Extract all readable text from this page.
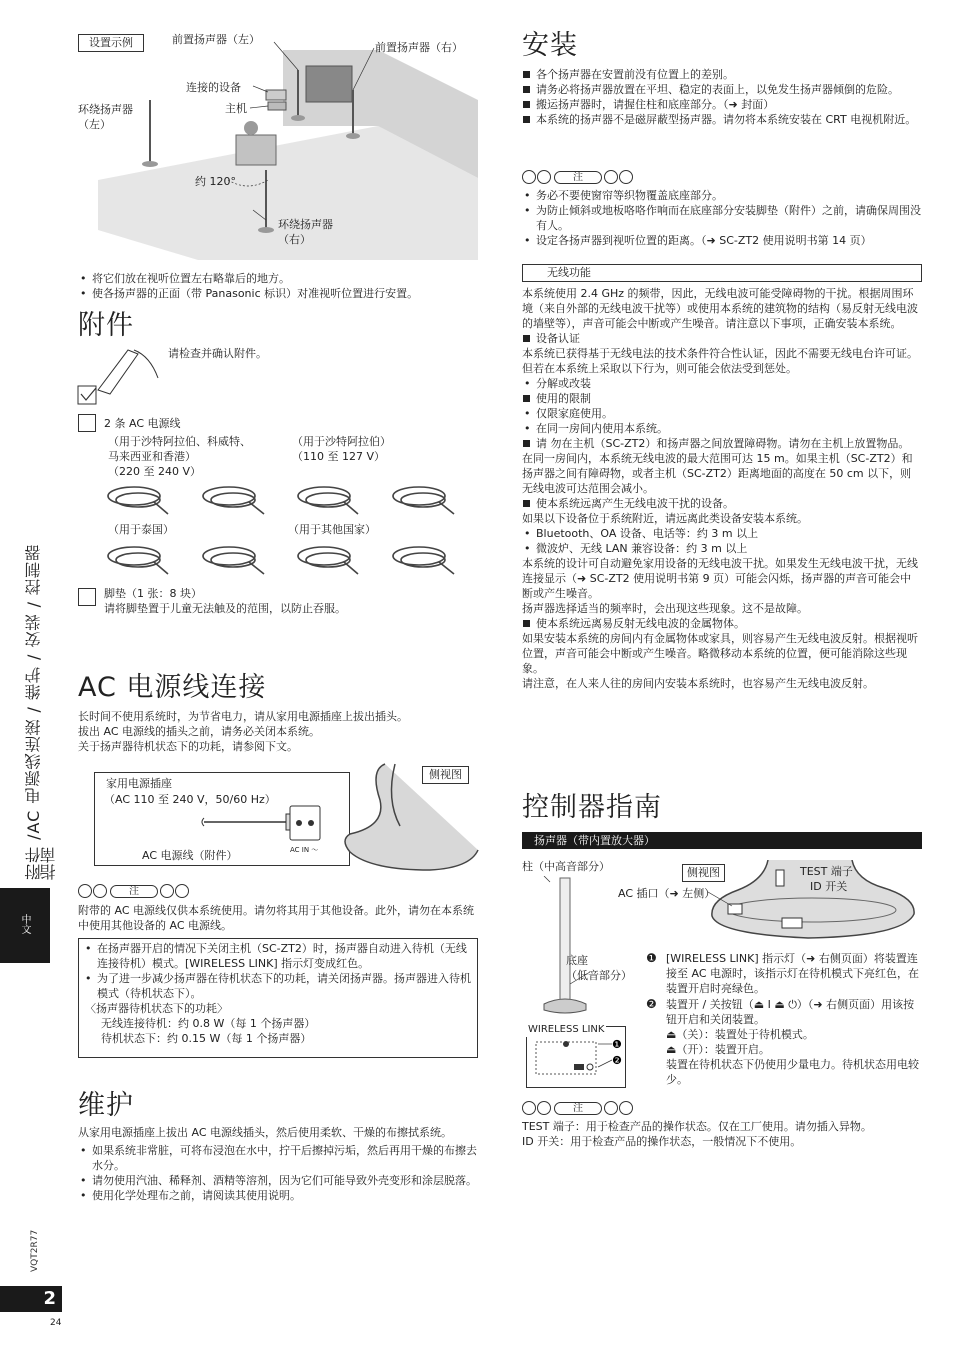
附件 /AC 电源线连接 / 维护 / 安装 / 控制器指南
中文
VQT2R77
2
24
设置示例	前置扬声器（左）
前置扬声器（右）
连接的设备
主机
环绕扬声器
（左）
约 120°
环绕扬声器
（右）
• 将它们放在视听位置左右略靠后的地方。
• 使各扬声器的正面（带 Panasonic 标识）对准视听位置进行安置。
附件
请检查并确认附件。
2 条 AC 电源线
（用于沙特阿拉伯、科威特、
马来西亚和香港）
（220 至 240 V）
（用于沙特阿拉伯）
（110 至 127 V）
（用于泰国）	（用于其他国家）
脚垫（1 张：8 块）
请将脚垫置于儿童无法触及的范围，以防止吞服。
AC 电源线连接

长时间不使用系统时，为节省电力，请从家用电源插座上拔出插头。

拔出 AC 电源线的插头之前，请务必关闭本系统。

关于扬声器待机状态下的功耗，请参阅下文。

家用电源插座
（AC 110 至 240 V，50/60 Hz）
AC IN ～
AC 电源线（附件）
侧视图
注

附带的 AC 电源线仅供本系统使用。请勿将其用于其他设备。此外，请勿在本系统中使用其他设备的 AC 电源线。

• 在扬声器开启的情况下关闭主机（SC-ZT2）时，扬声器自动进入待机（无线连接待机）模式。[WIRELESS LINK] 指示灯变成红色。
• 为了进一步减少扬声器在待机状态下的功耗，请关闭扬声器。扬声器进入待机模式（待机状态下）。
〈扬声器待机状态下的功耗〉
无线连接待机：约 0.8 W（每 1 个扬声器）
待机状态下：约 0.15 W（每 1 个扬声器）
维护

从家用电源插座上拔出 AC 电源线插头，然后使用柔软、干燥的布擦拭系统。

• 如果系统非常脏，可将布浸泡在水中，拧干后擦掉污垢，然后再用干燥的布擦去水分。
• 请勿使用汽油、稀释剂、酒精等溶剂，因为它们可能导致外壳变形和涂层脱落。
• 使用化学处理布之前，请阅读其使用说明。
安装
各个扬声器在安置前没有位置上的差别。
请务必将扬声器放置在平坦、稳定的表面上，以免发生扬声器倾倒的危险。
搬运扬声器时，请握住柱和底座部分。（➜ 封面）
本系统的扬声器不是磁屏蔽型扬声器。请勿将本系统安装在 CRT 电视机附近。
注
• 务必不要使窗帘等织物覆盖底座部分。
• 为防止倾斜或地板咯咯作响而在底座部分安装脚垫（附件）之前，请确保周围没有人。
• 设定各扬声器到视听位置的距离。（➜ SC-ZT2 使用说明书第 14 页）
无线功能

本系统使用 2.4 GHz 的频带，因此，无线电波可能受障碍物的干扰。根据周围环境（来自外部的无线电波干扰等）或使用本系统的建筑物的结构（易反射无线电波的墙壁等），声音可能会中断或产生噪音。请注意以下事项，正确安装本系统。

设备认证

本系统已获得基于无线电法的技术条件符合性认证，因此不需要无线电台许可证。但若在本系统上采取以下行为，则可能会依法受到惩处。

• 分解或改装

使用的限制

• 仅限家庭使用。

• 在同一房间内使用本系统。

请 勿在主机（SC-ZT2）和扬声器之间放置障碍物。请勿在主机上放置物品。

在同一房间内，本系统无线电波的最大范围可达 15 m。如果主机（SC-ZT2）和扬声器之间有障碍物，或者主机（SC-ZT2）距离地面的高度在 50 cm 以下，则无线电波可达范围会减小。

使本系统远离产生无线电波干扰的设备。

如果以下设备位于系统附近，请远离此类设备安装本系统。

• Bluetooth、OA 设备、电话等：约 3 m 以上

• 微波炉、无线 LAN 兼容设备：约 3 m 以上

本系统的设计可自动避免家用设备的无线电波干扰。如果发生无线电波干扰，无线连接显示（➜ SC-ZT2 使用说明书第 9 页）可能会闪烁，扬声器的声音可能会中断或产生噪音。

扬声器选择适当的频率时，会出现这些现象。这不是故障。

使本系统远离易反射无线电波的金属物体。

如果安装本系统的房间内有金属物体或家具，则容易产生无线电波反射。根据视听位置，声音可能会中断或产生噪音。略微移动本系统的位置，便可能消除这些现象。

请注意，在人来人往的房间内安装本系统时，也容易产生无线电波反射。

控制器指南
扬声器（带内置放大器）
柱（中高音部分）
底座
（低音部分）
WIRELESS LINK
❶
❷
侧视图
AC 插口（➜ 左侧）
TEST 端子
ID 开关
❶ [WIRELESS LINK] 指示灯（➜ 右侧页面）将装置连接至 AC 电源时，该指示灯在待机模式下亮红色，在装置开启时亮绿色。

❷ 装置开 / 关按钮（⏏ I ⏏ ⏻）（➜ 右侧页面）用该按钮开启和关闭装置。

⏏（关）：装置处于待机模式。

⏏（开）：装置开启。

装置在待机状态下仍使用少量电力。待机状态用电较少。

注

TEST 端子：用于检查产品的操作状态。仅在工厂使用。请勿插入异物。

ID 开关：用于检查产品的操作状态，一般情况下不使用。
